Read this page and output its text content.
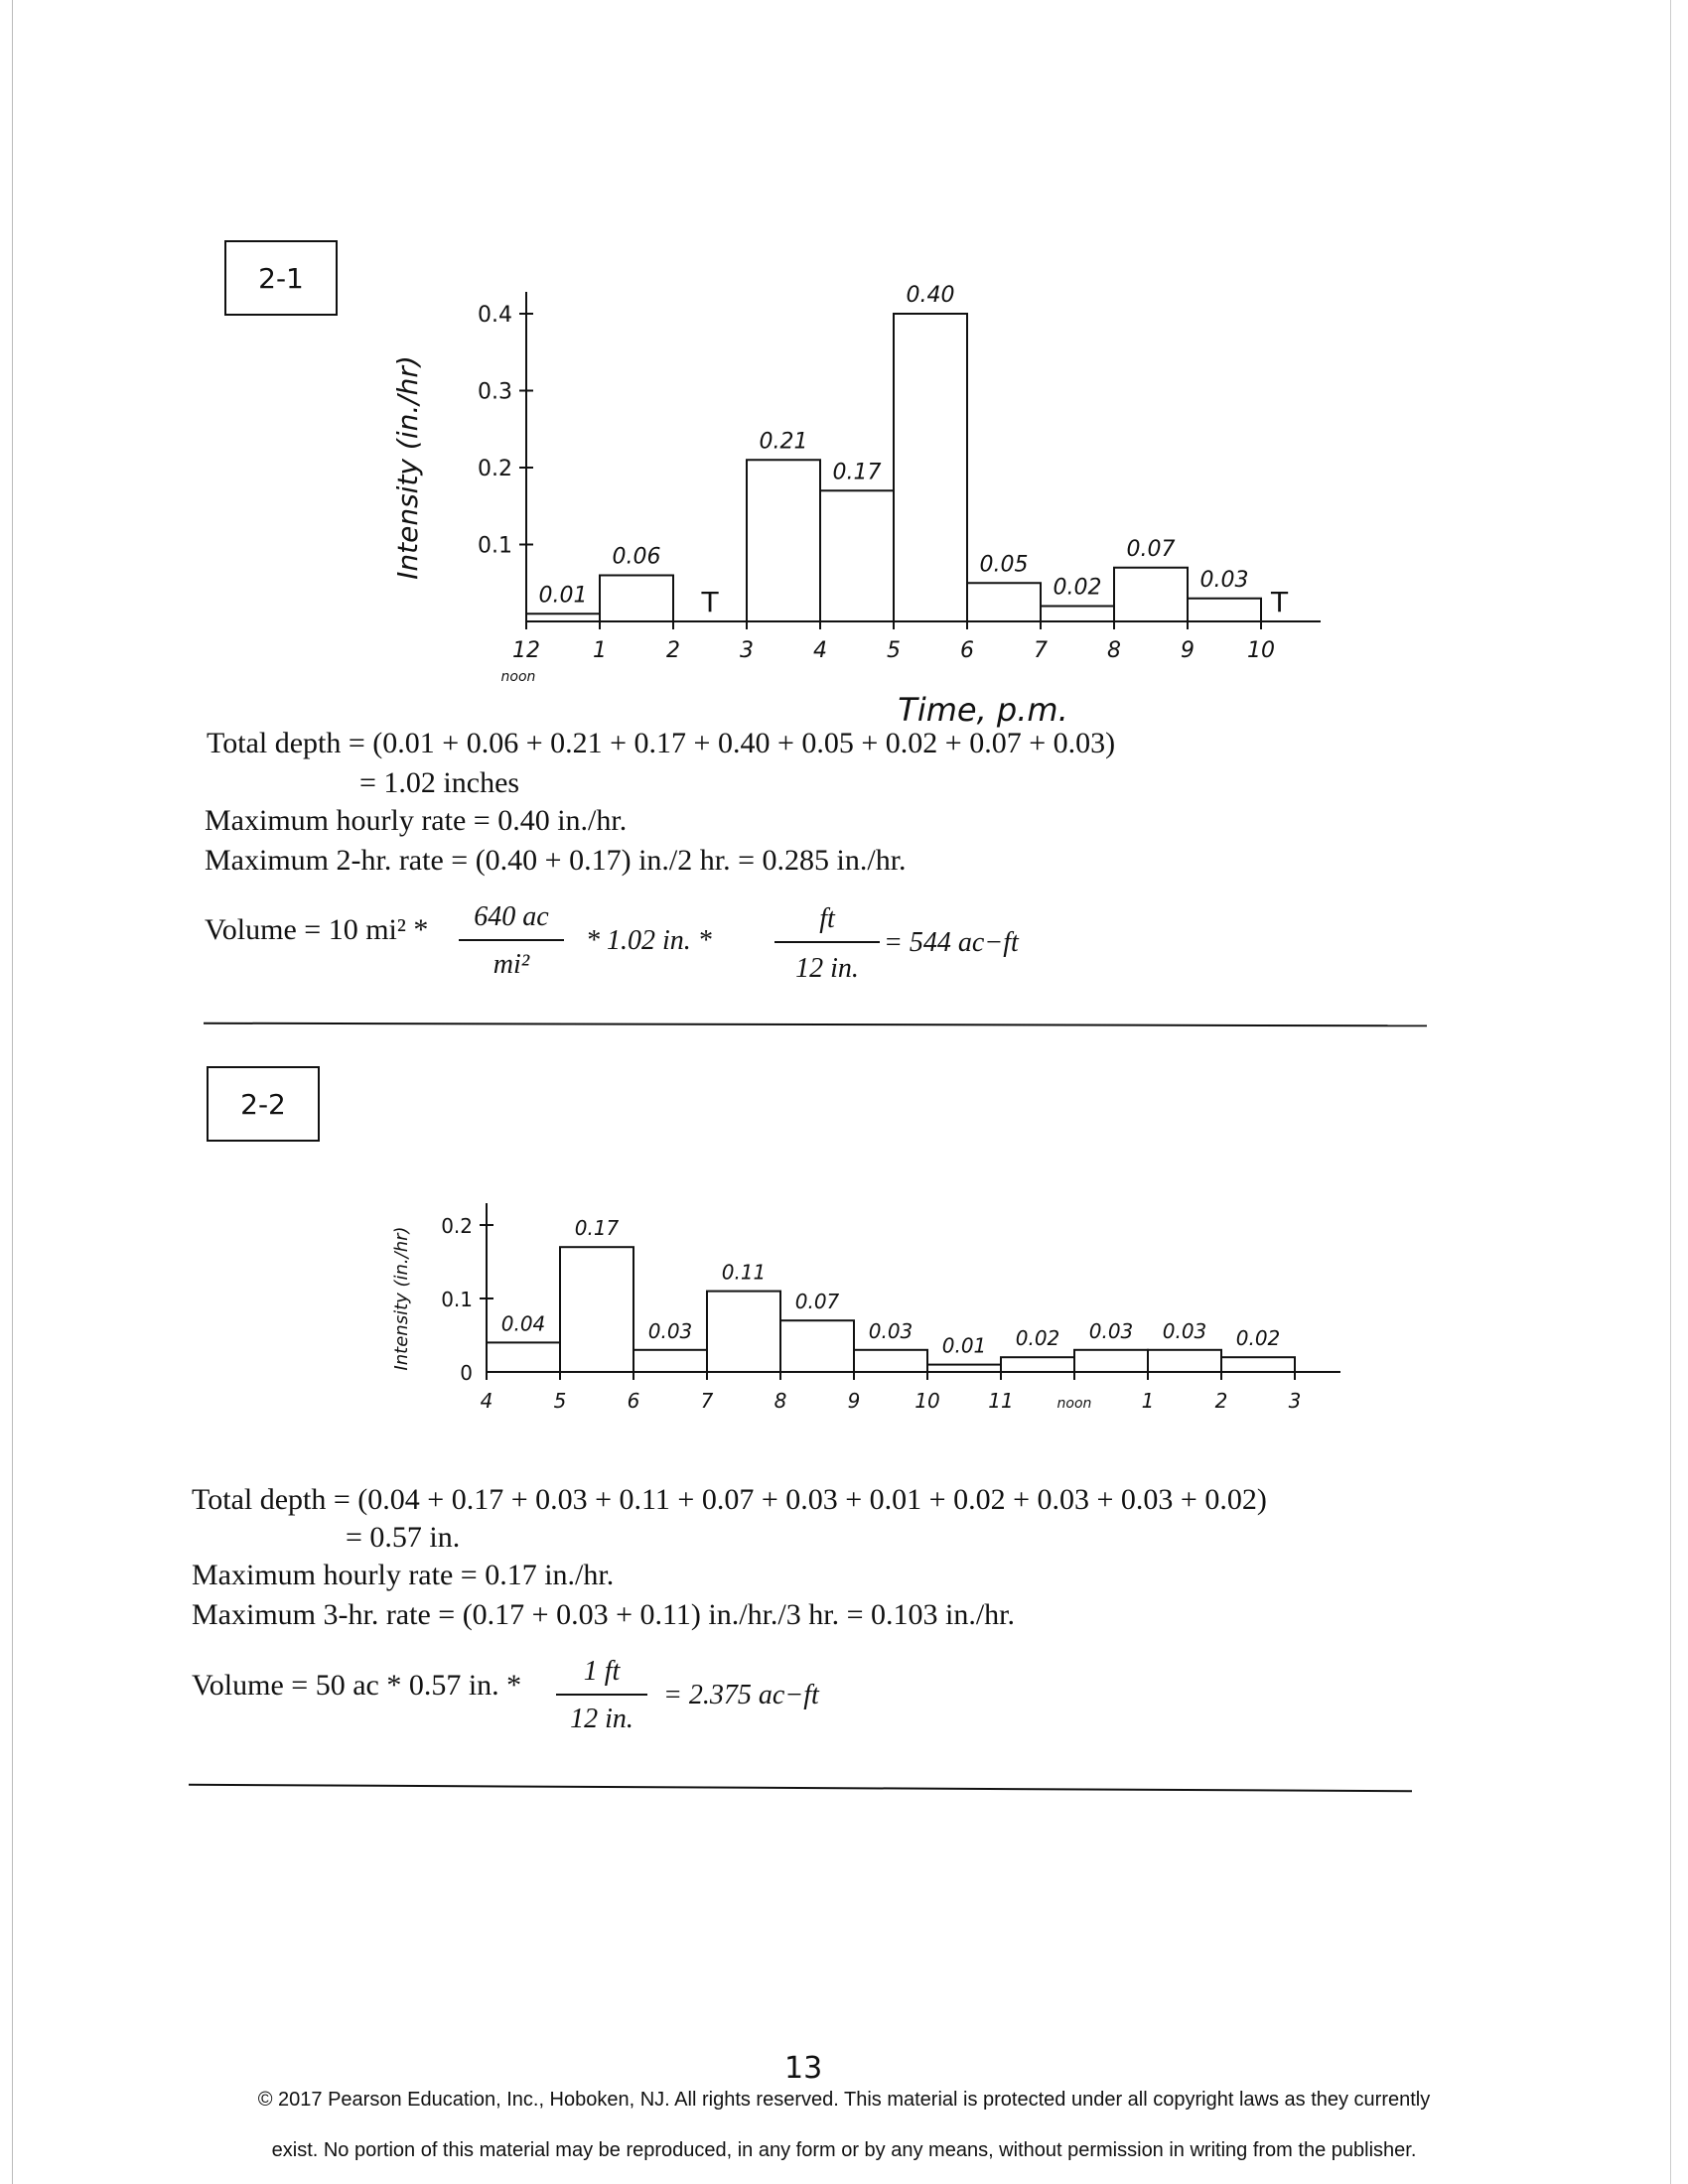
2-1
0.1
0.2
0.3
0.4
12 1	2	3	4	5	6	7	8	9 10
noon
0.01
0.06
T
0.21
0.17
0.40
0.05
0.02
0.07
0.03
T
Intensity (in./hr)
Time, p.m.
Total depth = (0.01 + 0.06 + 0.21 + 0.17 + 0.40 + 0.05 + 0.02 + 0.07 + 0.03)
= 1.02 inches
Maximum hourly rate = 0.40 in./hr.
Maximum 2-hr. rate = (0.40 + 0.17) in./2 hr. = 0.285 in./hr.
Volume = 10 mi² *	640 ac
mi²
* 1.02 in. *
ft
12 in.
= 544 ac−ft
2-2
0
0.1
0.2
4	5	6	7	8	9	10 11	noon	1	2	3
0.04
0.17
0.03
0.11
0.07
0.03
0.01 0.02 0.03 0.03 0.02
Intensity (in./hr)
Total depth = (0.04 + 0.17 + 0.03 + 0.11 + 0.07 + 0.03 + 0.01 + 0.02 + 0.03 + 0.03 + 0.02)
= 0.57 in.
Maximum hourly rate = 0.17 in./hr.
Maximum 3-hr. rate = (0.17 + 0.03 + 0.11) in./hr./3 hr. = 0.103 in./hr.
Volume = 50 ac * 0.57 in. *	1 ft
12 in.
= 2.375 ac−ft
13
© 2017 Pearson Education, Inc., Hoboken, NJ. All rights reserved. This material is protected under all copyright laws as they currently
exist. No portion of this material may be reproduced, in any form or by any means, without permission in writing from the publisher.
